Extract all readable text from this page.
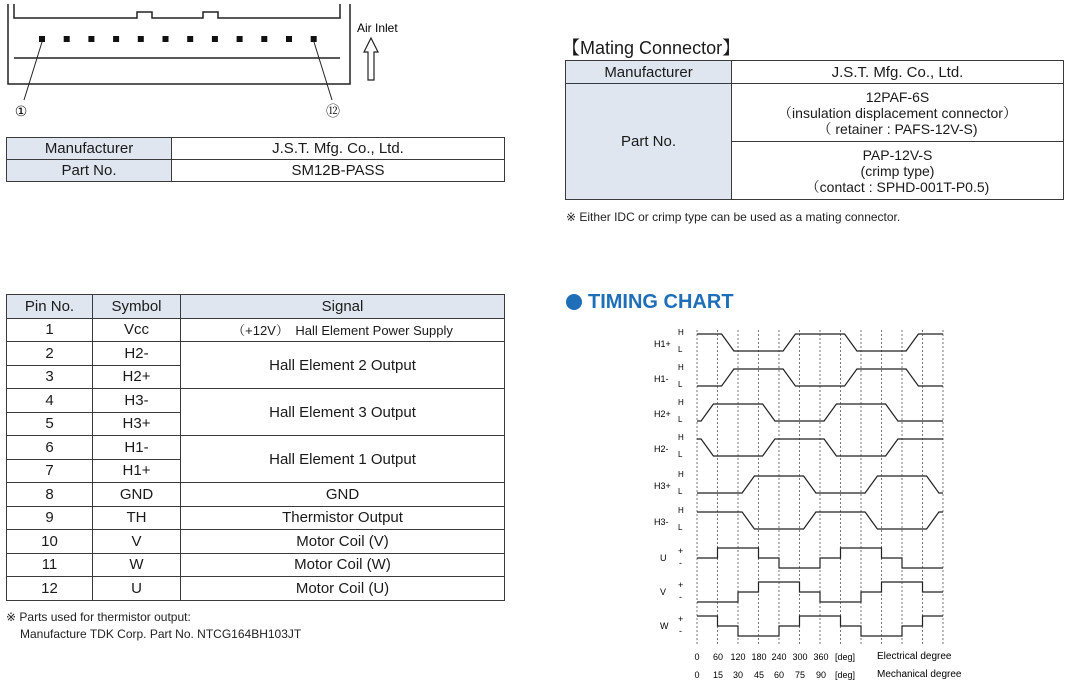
①	⑫
Air Inlet
Manufacturer	J.S.T. Mfg. Co., Ltd.
Part No.	SM12B-PASS
【Mating Connector】
Manufacturer	J.S.T. Mfg. Co., Ltd.
Part No.	12PAF-6S
（insulation displacement connector）
（ retainer : PAFS-12V-S)

	PAP-12V-S
(crimp type)
（contact : SPHD-001T-P0.5)
※ Either IDC or crimp type can be used as a mating connector.
Pin No.	Symbol	Signal
1	Vcc	（+12V）　Hall Element Power Supply
2	H2-	Hall Element 2 Output
3	H2+	
4	H3-	Hall Element 3 Output
5	H3+	
6	H1-	Hall Element 1 Output
7	H1+	
8	GND	GND
9	TH	Thermistor Output
10	V	Motor Coil (V)
11	W	Motor Coil (W)
12	U	Motor Coil (U)
※ Parts used for thermistor output:
Manufacture TDK Corp. Part No. NTCG164BH103JT
TIMING CHART
H1+
H
L
H1-
H
L
H2+
H
L
H2-
H
L
H3+
H
L
H3-
H
L
U
+
-
V
+
-
W
+
-
0 60 120 180 240 300 360 [deg]
0 15 30 45 60 75 90 [deg]
Electrical degree
Mechanical degree
